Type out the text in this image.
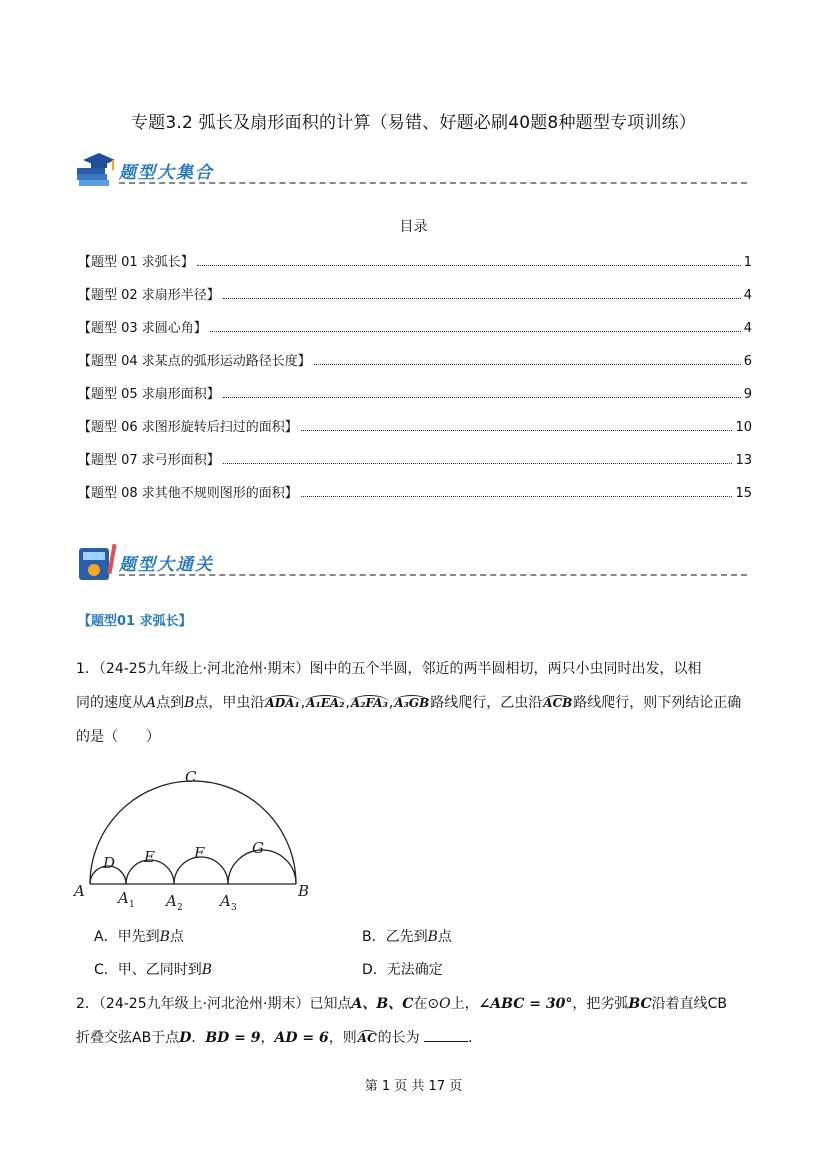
专题3.2 弧长及扇形面积的计算（易错、好题必刷40题8种题型专项训练）
题型大集合
目录
【题型 01 求弧长】	1
【题型 02 求扇形半径】	4
【题型 03 求圆心角】	4
【题型 04 求某点的弧形运动路径长度】	6
【题型 05 求扇形面积】	9
【题型 06 求图形旋转后扫过的面积】	10
【题型 07 求弓形面积】	13
【题型 08 求其他不规则图形的面积】	15
题型大通关
【题型01 求弧长】
1．（24-25九年级上·河北沧州·期末）图中的五个半圆，邻近的两半圆相切，两只小虫同时出发，以相
同的速度从A点到B点，甲虫沿ADA₁,A₁EA₂,A₂FA₃,A₃GB路线爬行，乙虫沿ACB路线爬行，则下列结论正确
的是（　　）
C
D E	F	G
A	B
A A	A
1	2	3
A．甲先到B点	B．乙先到B点
C．甲、乙同时到B	D．无法确定
2．（24-25九年级上·河北沧州·期末）已知点A、B、C在⊙O上，∠ABC = 30°，把劣弧BC沿着直线CB
折叠交弦AB于点D．BD = 9，AD = 6，则AC的长为	．
第 1 页 共 17 页
